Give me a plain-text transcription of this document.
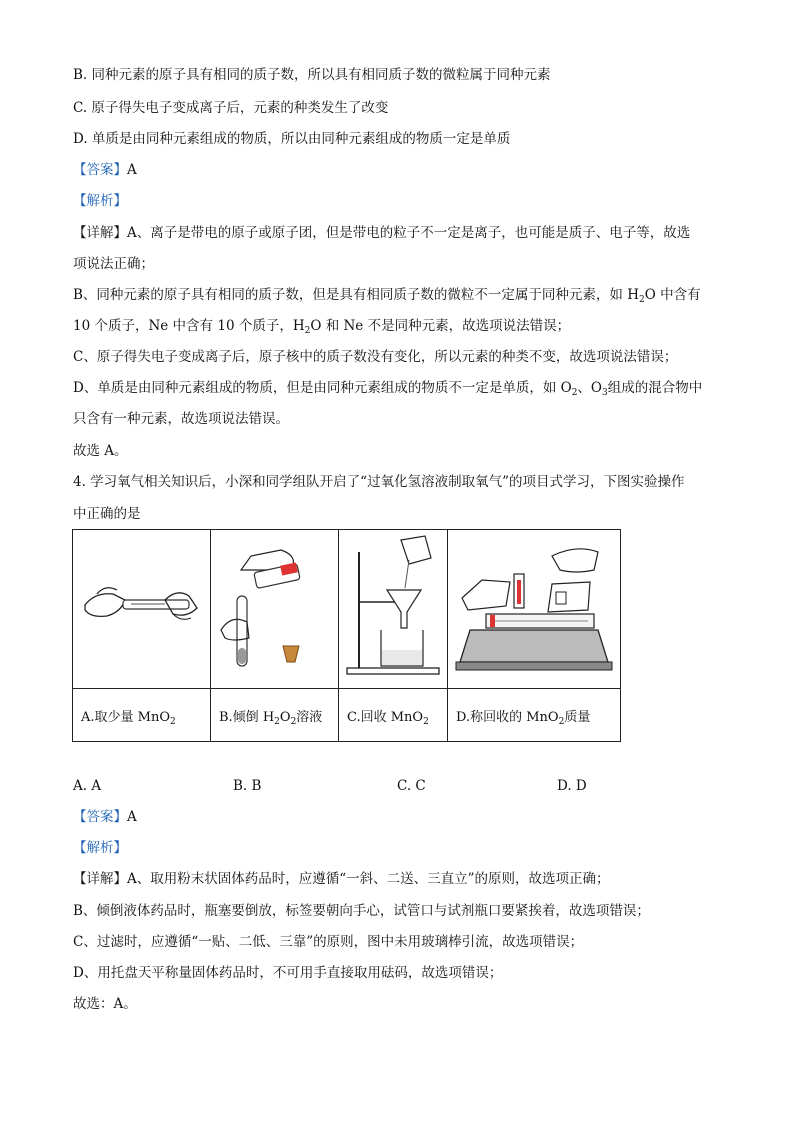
B. 同种元素的原子具有相同的质子数，所以具有相同质子数的微粒属于同种元素
C. 原子得失电子变成离子后，元素的种类发生了改变
D. 单质是由同种元素组成的物质，所以由同种元素组成的物质一定是单质
【答案】A
【解析】
【详解】A、离子是带电的原子或原子团，但是带电的粒子不一定是离子，也可能是质子、电子等，故选
项说法正确；
B、同种元素的原子具有相同的质子数，但是具有相同质子数的微粒不一定属于同种元素，如 $H_2O$ 中含有
10 个质子，Ne 中含有 10 个质子，$H_2O$ 和 Ne 不是同种元素，故选项说法错误；
C、原子得失电子变成离子后，原子核中的质子数没有变化，所以元素的种类不变，故选项说法错误；
D、单质是由同种元素组成的物质，但是由同种元素组成的物质不一定是单质，如 $O_2$、$O_3$组成的混合物中
只含有一种元素，故选项说法错误。
故选 A。
4. 学习氧气相关知识后，小深和同学组队开启了“过氧化氢溶液制取氧气”的项目式学习，下图实验操作
中正确的是

A.取少量 MnO$_2$	B.倾倒 $H_2O_2$溶液	C.回收 MnO$_2$	D.称回收的 MnO$_2$质量
A. A	B. B	C. C	D. D
【答案】A
【解析】
【详解】A、取用粉末状固体药品时，应遵循“一斜、二送、三直立”的原则，故选项正确；
B、倾倒液体药品时，瓶塞要倒放，标签要朝向手心，试管口与试剂瓶口要紧挨着，故选项错误；
C、过滤时，应遵循“一贴、二低、三靠”的原则，图中未用玻璃棒引流，故选项错误；
D、用托盘天平称量固体药品时，不可用手直接取用砝码，故选项错误；
故选：A。
